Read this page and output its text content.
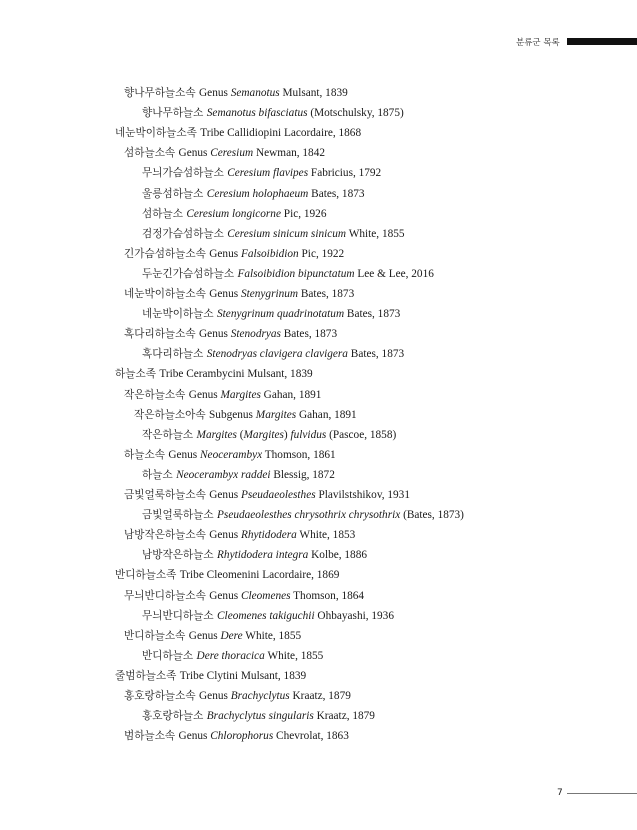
분류군 목록
향나무하늘소속 Genus Semanotus Mulsant, 1839
향나무하늘소 Semanotus bifasciatus (Motschulsky, 1875)
네눈박이하늘소족 Tribe Callidiopini Lacordaire, 1868
섬하늘소속 Genus Ceresium Newman, 1842
무늬가슴섬하늘소 Ceresium flavipes Fabricius, 1792
울릉섬하늘소 Ceresium holophaeum Bates, 1873
섬하늘소 Ceresium longicorne Pic, 1926
검정가슴섬하늘소 Ceresium sinicum sinicum White, 1855
긴가슴섬하늘소속 Genus Falsoibidion Pic, 1922
두눈긴가슴섬하늘소 Falsoibidion bipunctatum Lee & Lee, 2016
네눈박이하늘소속 Genus Stenygrinum Bates, 1873
네눈박이하늘소 Stenygrinum quadrinotatum Bates, 1873
혹다리하늘소속 Genus Stenodryas Bates, 1873
혹다리하늘소 Stenodryas clavigera clavigera Bates, 1873
하늘소족 Tribe Cerambycini Mulsant, 1839
작은하늘소속 Genus Margites Gahan, 1891
작은하늘소아속 Subgenus Margites Gahan, 1891
작은하늘소 Margites (Margites) fulvidus (Pascoe, 1858)
하늘소속 Genus Neocerambyx Thomson, 1861
하늘소 Neocerambyx raddei Blessig, 1872
금빛얼룩하늘소속 Genus Pseudaeolesthes Plavilstshikov, 1931
금빛얼룩하늘소 Pseudaeolesthes chrysothrix chrysothrix (Bates, 1873)
남방작은하늘소속 Genus Rhytidodera White, 1853
남방작은하늘소 Rhytidodera integra Kolbe, 1886
반디하늘소족 Tribe Cleomenini Lacordaire, 1869
무늬반디하늘소속 Genus Cleomenes Thomson, 1864
무늬반디하늘소 Cleomenes takiguchii Ohbayashi, 1936
반디하늘소속 Genus Dere White, 1855
반디하늘소 Dere thoracica White, 1855
줄범하늘소족 Tribe Clytini Mulsant, 1839
홍호랑하늘소속 Genus Brachyclytus Kraatz, 1879
홍호랑하늘소 Brachyclytus singularis Kraatz, 1879
범하늘소속 Genus Chlorophorus Chevrolat, 1863
7
